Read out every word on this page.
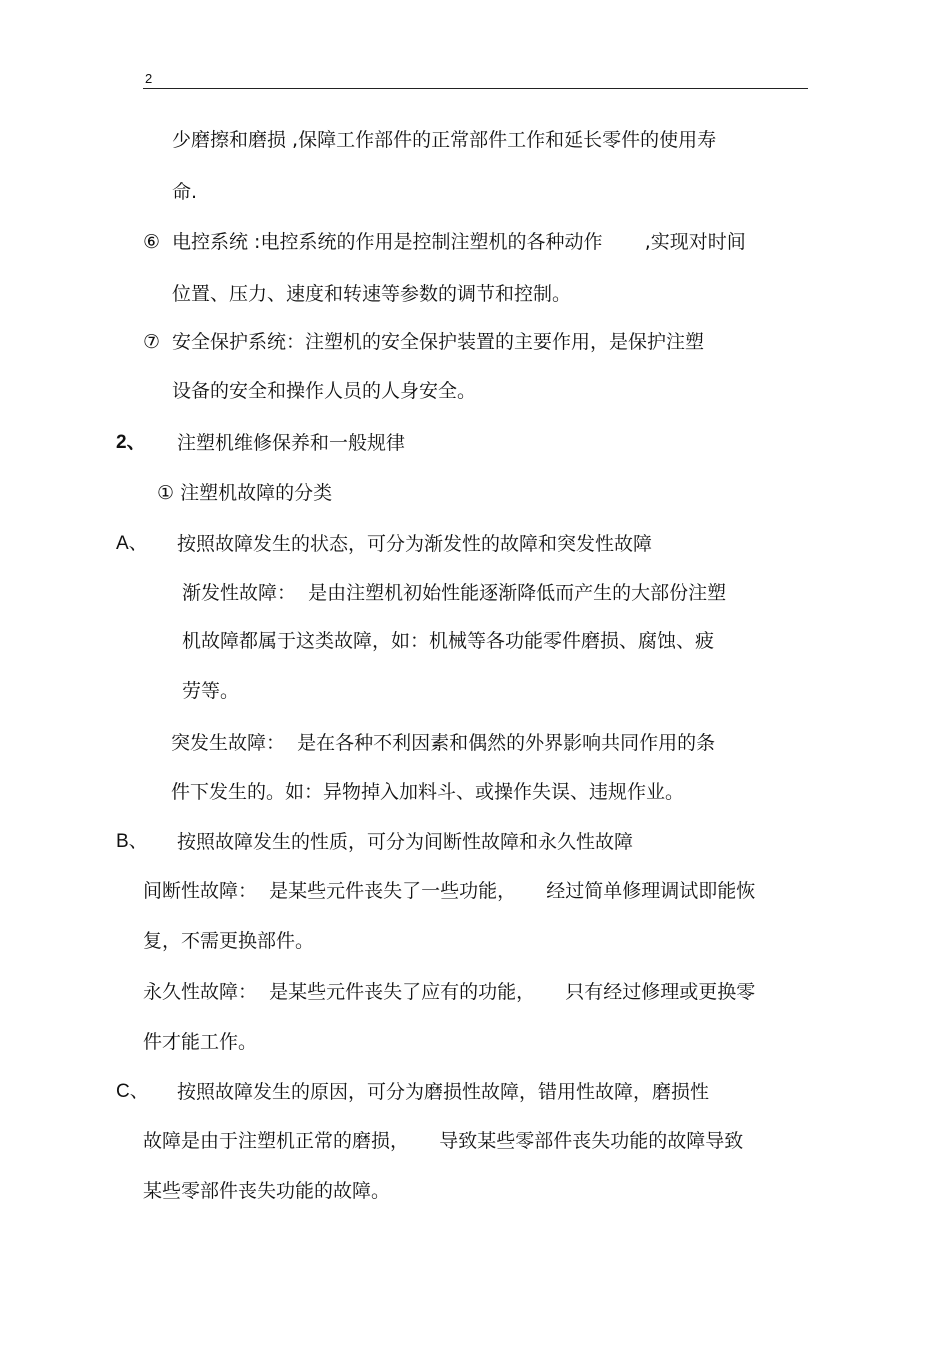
2
少磨擦和磨损 ,保障工作部件的正常部件工作和延长零件的使用寿
命.
⑥ 电控系统 :电控系统的作用是控制注塑机的各种动作       ,实现对时间
位置、压力、速度和转速等参数的调节和控制。
⑦ 安全保护系统：注塑机的安全保护装置的主要作用，是保护注塑
设备的安全和操作人员的人身安全。
2、 注塑机维修保养和一般规律
① 注塑机故障的分类
A、 按照故障发生的状态，可分为渐发性的故障和突发性故障
渐发性故障：  是由注塑机初始性能逐渐降低而产生的大部份注塑
机故障都属于这类故障，如：机械等各功能零件磨损、腐蚀、疲
劳等。
突发生故障：  是在各种不利因素和偶然的外界影响共同作用的条
件下发生的。如：异物掉入加料斗、或操作失误、违规作业。
B、 按照故障发生的性质，可分为间断性故障和永久性故障
间断性故障：  是某些元件丧失了一些功能，     经过简单修理调试即能恢
复，不需更换部件。
永久性故障：  是某些元件丧失了应有的功能，     只有经过修理或更换零
件才能工作。
C、 按照故障发生的原因，可分为磨损性故障，错用性故障，磨损性
故障是由于注塑机正常的磨损，     导致某些零部件丧失功能的故障导致
某些零部件丧失功能的故障。
